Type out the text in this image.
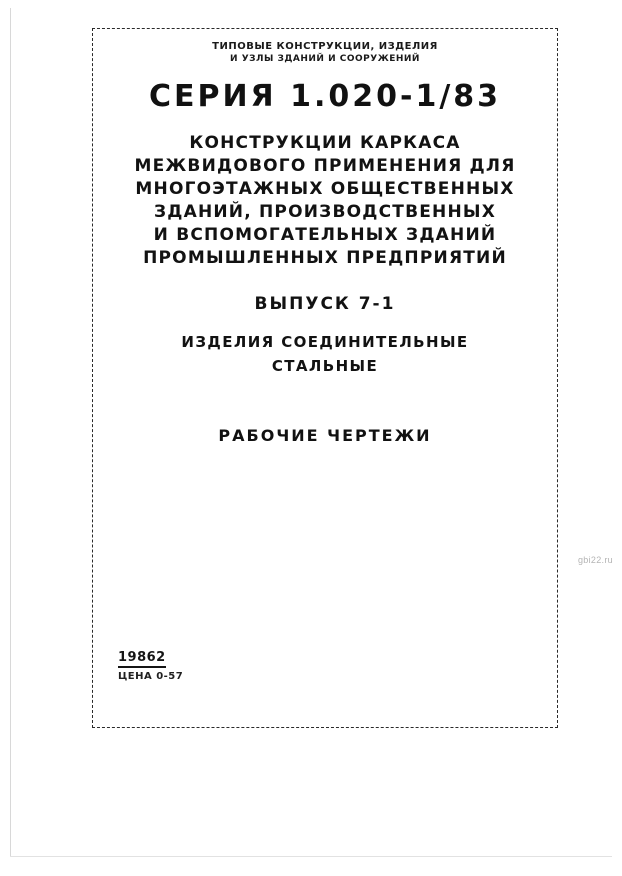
ТИПОВЫЕ КОНСТРУКЦИИ, ИЗДЕЛИЯ
И УЗЛЫ ЗДАНИЙ И СООРУЖЕНИЙ
СЕРИЯ 1.020-1/83
КОНСТРУКЦИИ КАРКАСА
МЕЖВИДОВОГО ПРИМЕНЕНИЯ ДЛЯ
МНОГОЭТАЖНЫХ ОБЩЕСТВЕННЫХ
ЗДАНИЙ, ПРОИЗВОДСТВЕННЫХ
И ВСПОМОГАТЕЛЬНЫХ ЗДАНИЙ
ПРОМЫШЛЕННЫХ ПРЕДПРИЯТИЙ
ВЫПУСК 7-1
ИЗДЕЛИЯ СОЕДИНИТЕЛЬНЫЕ
СТАЛЬНЫЕ
РАБОЧИЕ ЧЕРТЕЖИ
19862
ЦЕНА 0-57
gbi22.ru
